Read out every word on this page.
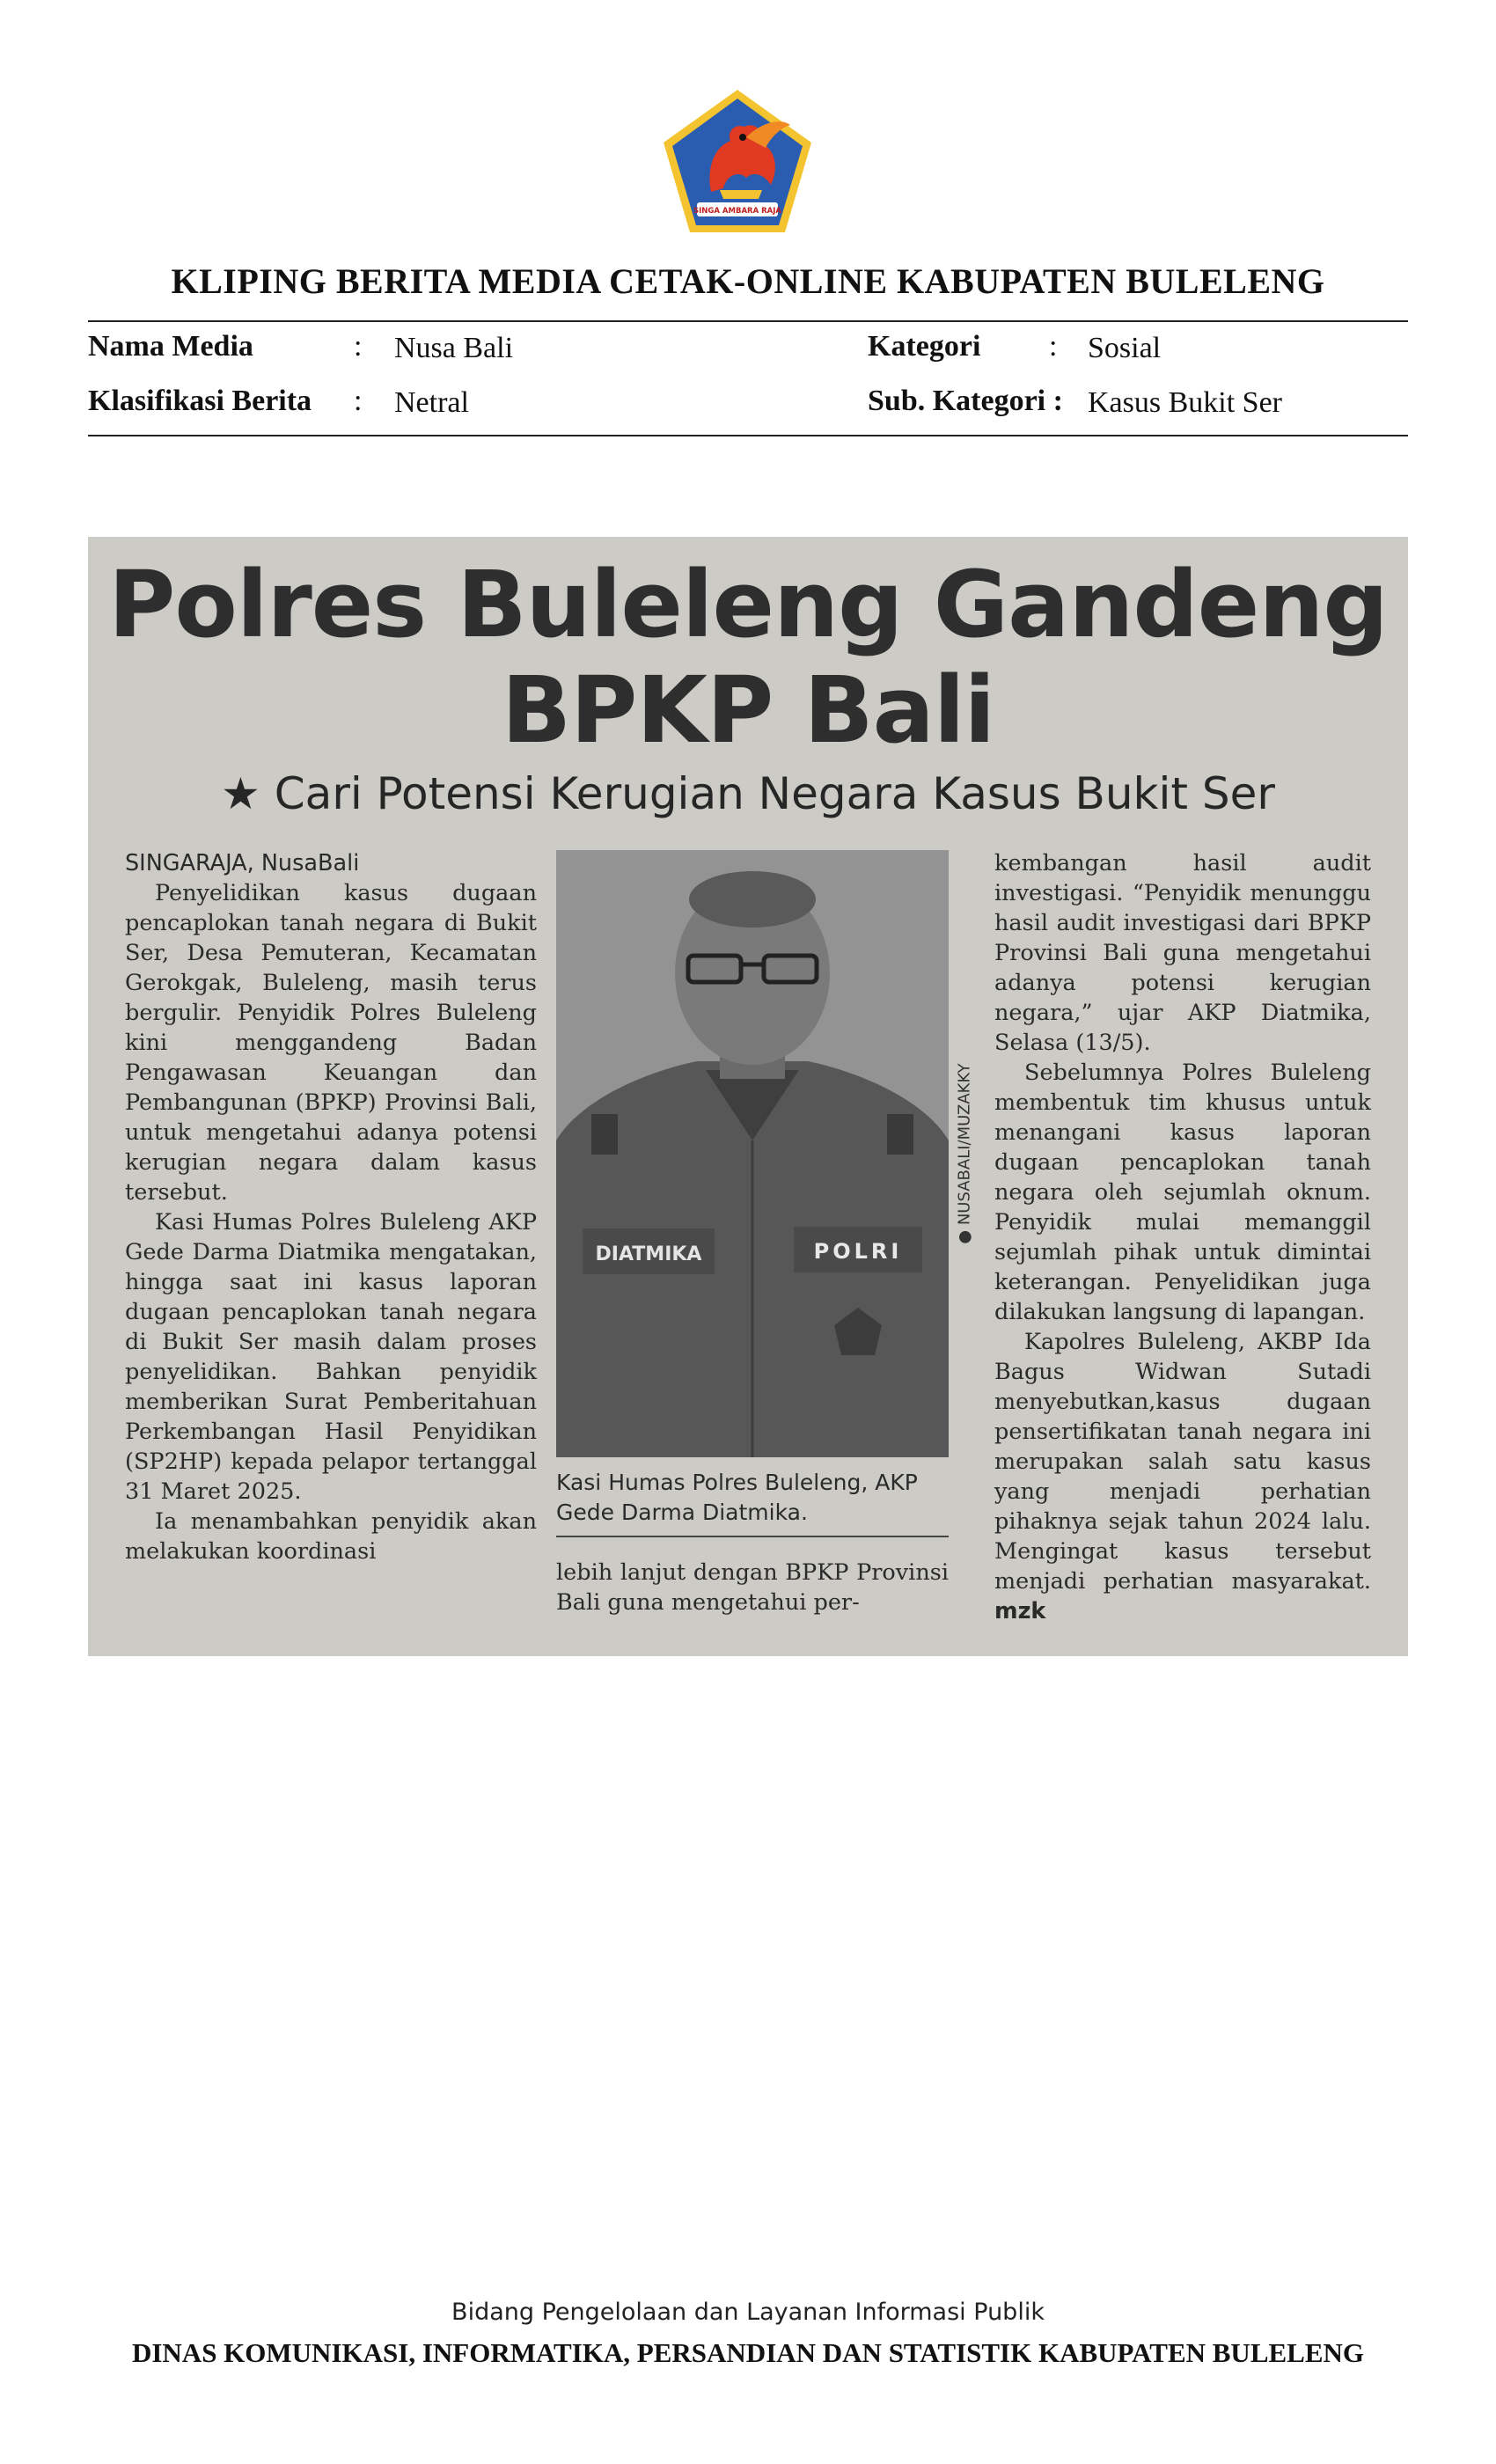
SINGA AMBARA RAJA
KLIPING BERITA MEDIA CETAK-ONLINE KABUPATEN BULELENG
Nama Media	: Nusa Bali	Kategori : Sosial
Klasifikasi Berita : Netral	Sub. Kategori : Kasus Bukit Ser
Polres Buleleng Gandeng
BPKP Bali
★ Cari Potensi Kerugian Negara Kasus Bukit Ser

SINGARAJA, NusaBali

Penyelidikan kasus dugaan pencaplokan tanah negara di Bukit Ser, Desa Pemuteran, Kecamatan Gerokgak, Buleleng, masih terus bergulir. Penyidik Polres Buleleng kini menggandeng Badan Pengawasan Keuangan dan Pembangunan (BPKP) Provinsi Bali, untuk mengetahui adanya potensi kerugian negara dalam kasus tersebut.

Kasi Humas Polres Buleleng AKP Gede Darma Diatmika mengatakan, hingga saat ini kasus laporan dugaan pencaplokan tanah negara di Bukit Ser masih dalam proses penyelidikan. Bahkan penyidik memberikan Surat Pemberitahuan Perkembangan Hasil Penyidikan (SP2HP) kepada pelapor tertanggal 31 Maret 2025.

Ia menambahkan penyidik akan melakukan koordinasi

DIATMIKA	POLRI
● NUSABALI/MUZAKKY
Kasi Humas Polres Buleleng, AKP Gede Darma Diatmika.

lebih lanjut dengan BPKP Provinsi Bali guna mengetahui per-

kembangan hasil audit investigasi. “Penyidik menunggu hasil audit investigasi dari BPKP Provinsi Bali guna mengetahui adanya potensi kerugian negara,” ujar AKP Diatmika, Selasa (13/5).

Sebelumnya Polres Buleleng membentuk tim khusus untuk menangani kasus laporan dugaan pencaplokan tanah negara oleh sejumlah oknum. Penyidik mulai memanggil sejumlah pihak untuk dimintai keterangan. Penyelidikan juga dilakukan langsung di lapangan.

Kapolres Buleleng, AKBP Ida Bagus Widwan Sutadi menyebutkan,kasus dugaan pensertifikatan tanah negara ini merupakan salah satu kasus yang menjadi perhatian pihaknya sejak tahun 2024 lalu. Mengingat kasus tersebut menjadi perhatian masyarakat. mzk

Bidang Pengelolaan dan Layanan Informasi Publik
DINAS KOMUNIKASI, INFORMATIKA, PERSANDIAN DAN STATISTIK KABUPATEN BULELENG
